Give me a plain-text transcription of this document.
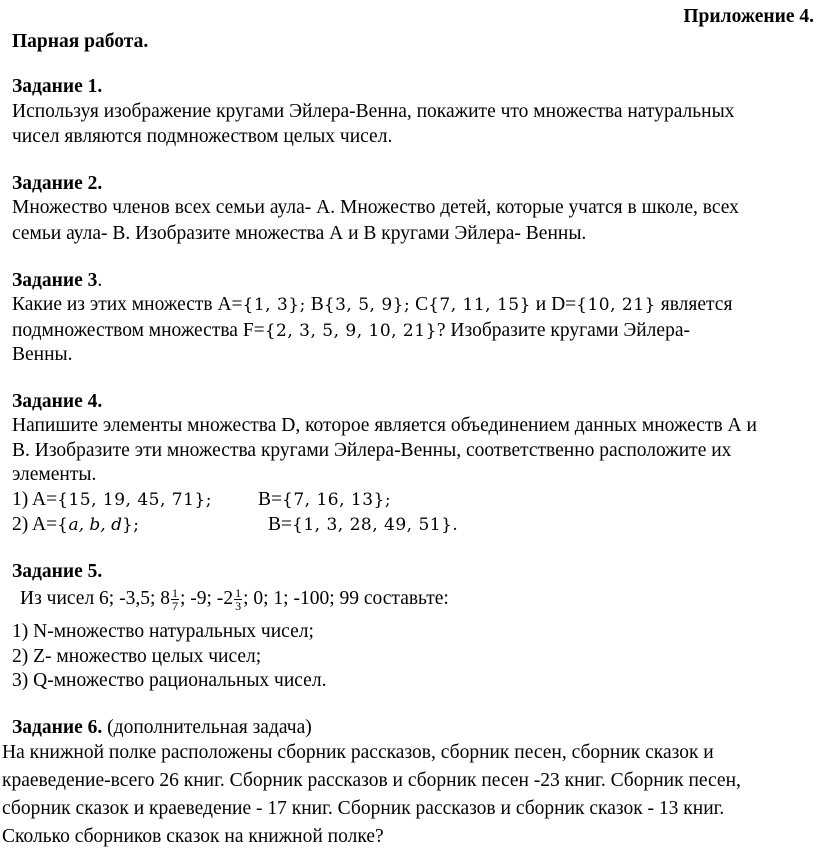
Приложение 4.
Парная работа.
Задание 1.
Используя изображение кругами Эйлера-Венна, покажите что множества натуральных
чисел являются подмножеством целых чисел.
Задание 2.
Множество членов всех семьи аула- А. Множество детей, которые учатся в школе, всех
семьи аула- В. Изобразите множества А и В кругами Эйлера- Венны.
Задание 3.
Какие из этих множеств A={1, 3}; B{3, 5, 9}; C{7, 11, 15} и D={10, 21} является
подмножеством множества F={2, 3, 5, 9, 10, 21}? Изобразите кругами Эйлера-
Венны.
Задание 4.
Напишите элементы множества D, которое является объединением данных множеств А и
В. Изобразите эти множества кругами Эйлера-Венны, соответственно расположите их
элементы.
1) A={15, 19, 45, 71}; B={7, 16, 13};
2) A={a, b, d};	B={1, 3, 28, 49, 51}.
Задание 5.
Из чисел 6; -3,5; $8 \frac{1}{7}$ ; -9; $-2 \frac{1}{3}$ ; 0; 1; -100; 99 составьте:
1) N-множество натуральных чисел;
2) Z- множество целых чисел;
3) Q-множество рациональных чисел.
Задание 6. (дополнительная задача)
На книжной полке расположены сборник рассказов, сборник песен, сборник сказок и
краеведение-всего 26 книг. Сборник рассказов и сборник песен -23 книг. Сборник песен,
сборник сказок и краеведение - 17 книг. Сборник рассказов и сборник сказок - 13 книг.
Сколько сборников сказок на книжной полке?
